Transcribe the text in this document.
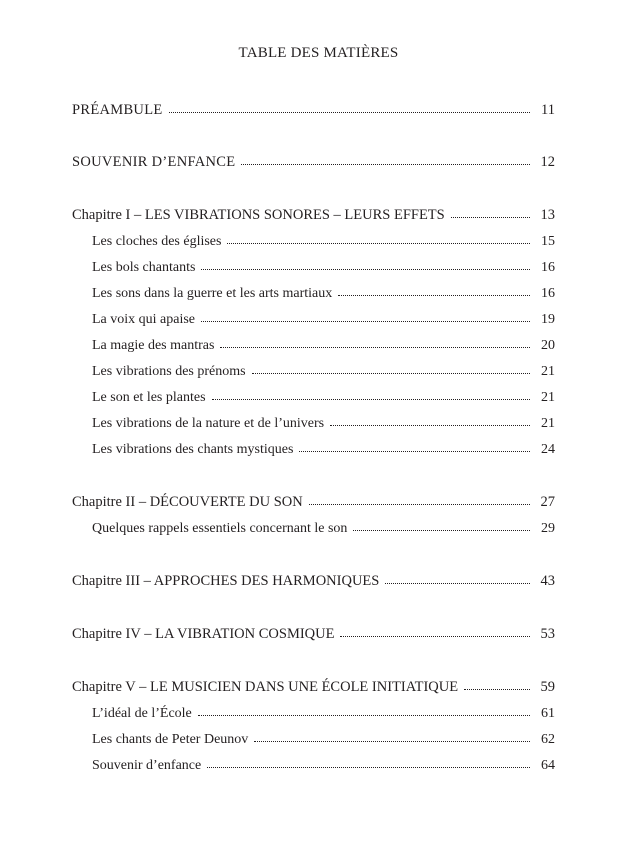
TABLE DES MATIÈRES
PRÉAMBULE	11
SOUVENIR D’ENFANCE	12
Chapitre I – LES VIBRATIONS SONORES – LEURS EFFETS	13
Les cloches des églises	15
Les bols chantants	16
Les sons dans la guerre et les arts martiaux	16
La voix qui apaise	19
La magie des mantras	20
Les vibrations des prénoms	21
Le son et les plantes	21
Les vibrations de la nature et de l’univers	21
Les vibrations des chants mystiques	24
Chapitre II – DÉCOUVERTE DU SON	27
Quelques rappels essentiels concernant le son	29
Chapitre III – APPROCHES DES HARMONIQUES	43
Chapitre IV – LA VIBRATION COSMIQUE	53
Chapitre V – LE MUSICIEN DANS UNE ÉCOLE INITIATIQUE	59
L’idéal de l’École	61
Les chants de Peter Deunov	62
Souvenir d’enfance	64
